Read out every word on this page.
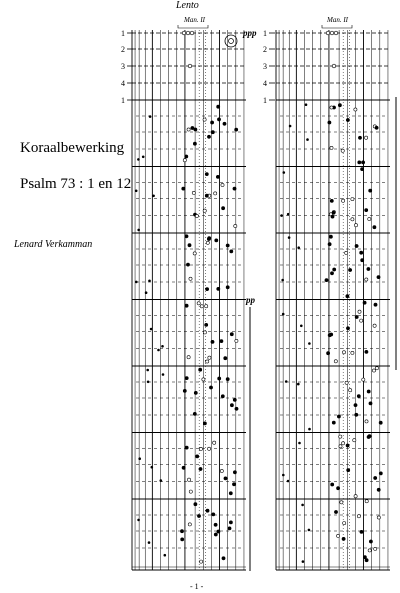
Lento
Man. II	Man. II
ppp
pp
Koraalbewerking
Psalm 73 : 1 en 12
Lenard Verkamman
- 1 -
1
2
3
4
1
1
2
3
4
1
